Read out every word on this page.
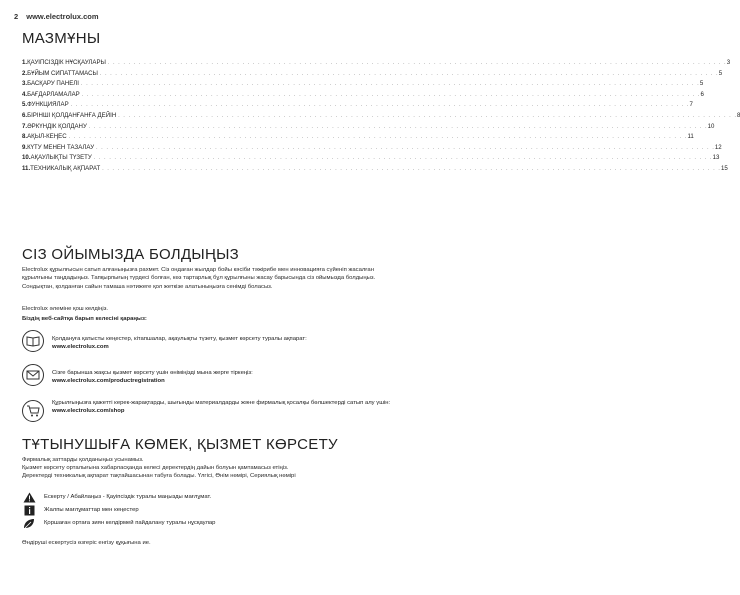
2 www.electrolux.com
МАЗМҰНЫ
1. ҚАУІПСІЗДІК НҰСҚАУЛАРЫ . . . . . . . . . . . . . . . . . . . . . . . . . . . . . . . . . . . . . . . . . . . . . . . . . . . . . . . . . . . . . . . . . . . . . . . . . . . . . . . . . . . . . . . . . . . . . . . . . . . . . . . . . . . . . . . . . . . . . . . . 3
2. БҰЙЫМ СИПАТТАМАСЫ . . . . . . . . . . . . . . . . . . . . . . . . . . . . . . . . . . . . . . . . . . . . . . . . . . . . . . . . . . . . . . . . . . . . . . . . . . . . . . . . . . . . . . . . . . . . . . . . . . . . . . . . . . . . . . . . . . . . . . . . 5
3. БАСҚАРУ ПАНЕЛІ . . . . . . . . . . . . . . . . . . . . . . . . . . . . . . . . . . . . . . . . . . . . . . . . . . . . . . . . . . . . . . . . . . . . . . . . . . . . . . . . . . . . . . . . . . . . . . . . . . . . . . . . . . . . . . . . . . . . . . . . 5
4. БАҒДАРЛАМАЛАР . . . . . . . . . . . . . . . . . . . . . . . . . . . . . . . . . . . . . . . . . . . . . . . . . . . . . . . . . . . . . . . . . . . . . . . . . . . . . . . . . . . . . . . . . . . . . . . . . . . . . . . . . . . . . . . . . . . . . . . . 6
5. ФУНКЦИЯЛАР . . . . . . . . . . . . . . . . . . . . . . . . . . . . . . . . . . . . . . . . . . . . . . . . . . . . . . . . . . . . . . . . . . . . . . . . . . . . . . . . . . . . . . . . . . . . . . . . . . . . . . . . . . . . . . . . . . . . . . . . 7
6. БІРІНШІ ҚОЛДАНҒАНҒА ДЕЙІН . . . . . . . . . . . . . . . . . . . . . . . . . . . . . . . . . . . . . . . . . . . . . . . . . . . . . . . . . . . . . . . . . . . . . . . . . . . . . . . . . . . . . . . . . . . . . . . . . . . . . . . . . . . . . . . . . . . . . . . . 8
7. ӘРКҮНДІК ҚОЛДАНУ . . . . . . . . . . . . . . . . . . . . . . . . . . . . . . . . . . . . . . . . . . . . . . . . . . . . . . . . . . . . . . . . . . . . . . . . . . . . . . . . . . . . . . . . . . . . . . . . . . . . . . . . . . . . . . . . . . . . . . . . 10
8. АҚЫЛ-КЕҢЕС . . . . . . . . . . . . . . . . . . . . . . . . . . . . . . . . . . . . . . . . . . . . . . . . . . . . . . . . . . . . . . . . . . . . . . . . . . . . . . . . . . . . . . . . . . . . . . . . . . . . . . . . . . . . . . . . . . . . . . . . 11
9. КҮТУ МЕНЕН ТАЗАЛАУ . . . . . . . . . . . . . . . . . . . . . . . . . . . . . . . . . . . . . . . . . . . . . . . . . . . . . . . . . . . . . . . . . . . . . . . . . . . . . . . . . . . . . . . . . . . . . . . . . . . . . . . . . . . . . . . . . . . . . . . . 12
10. АҚАУЛЫҚТЫ ТҮЗЕТУ . . . . . . . . . . . . . . . . . . . . . . . . . . . . . . . . . . . . . . . . . . . . . . . . . . . . . . . . . . . . . . . . . . . . . . . . . . . . . . . . . . . . . . . . . . . . . . . . . . . . . . . . . . . . . . . . . . . . . . . . 13
11. ТЕХНИКАЛЫҚ АҚПАРАТ . . . . . . . . . . . . . . . . . . . . . . . . . . . . . . . . . . . . . . . . . . . . . . . . . . . . . . . . . . . . . . . . . . . . . . . . . . . . . . . . . . . . . . . . . . . . . . . . . . . . . . . . . . . . . . . . . . . . . . . . 15
СІЗ ОЙЫМЫЗДА БОЛДЫҢЫЗ
Electrolux құрылғысын сатып алғаныңызға рахмет. Сіз ондаған жылдар бойы кәсіби тәжірибе мен инновацияға сүйеніп жасалған құрылғыны таңдадыңыз. Тапқырлығың түрдесі болған, көз тартарлық бұл құрылғыны жасау барысында сіз ойымызда болдыңыз. Сондықтан, қолданған сайын тамаша нәтижеге қол жеткізе алатыныңызға сенімді боласыз.
Electrolux әлеміне қош келдіңіз.
Біздің веб-сайтқа барып келесіні қараңыз:
Қолдануға қатысты кеңестер, кітапшалар, ақаулықты түзету, қызмет көрсету туралы ақпарат:
www.electrolux.com
Сізге барынша жақсы қызмет көрсету үшін өніміңізді мына жерге тіркеңіз:
www.electrolux.com/productregistration
Құрылғыңызға қажетті керек-жарақтарды, шығынды материалдарды және фирмалық қосалқы бөлшектерді сатып алу үшін:
www.electrolux.com/shop
ТҰТЫНУШЫҒА КӨМЕК, ҚЫЗМЕТ КӨРСЕТУ
Фирмалық заттарды қолданыңыз усынамыз.
Қызмет көрсету орталығына хабарласқанда келесі деректердің дайын болуын қамтамасыз етіңіз.
Деректерді техникалық ақпарат тақтайшасынан табуға болады. Үлгісі, Өнім нөмірі, Сериялық нөмірі
Ескерту / Абайлаңыз - Қауіпсіздік туралы маңызды мағлұмат.
Жалпы мағлұматтар мен кеңестер
Қоршаған ортаға зиян келдірмей пайдалану туралы нұсқаулар
Өндіруші ескертусіз өзгеріс енгізу құқығына ие.
